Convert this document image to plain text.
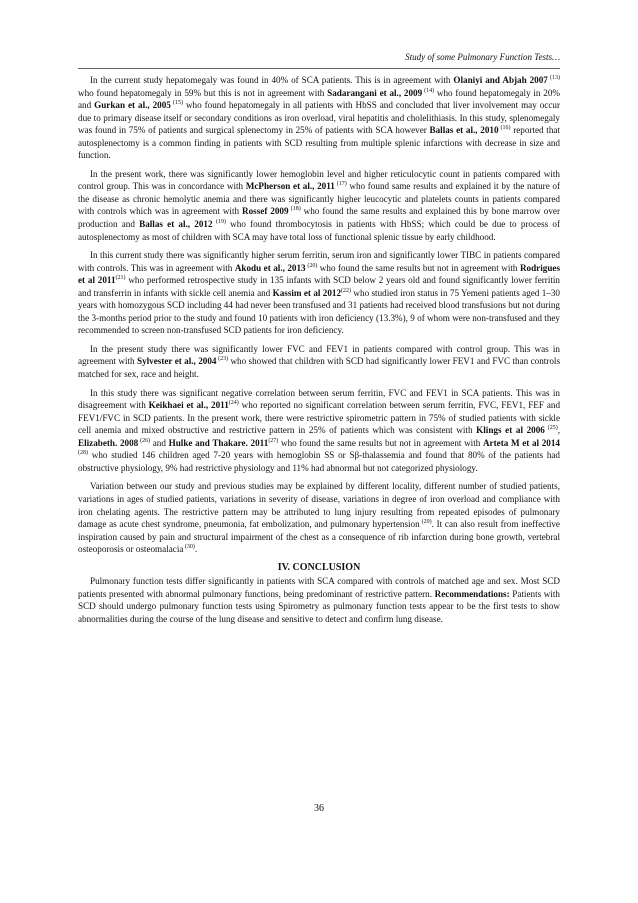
Study of some Pulmonary Function Tests…

In the current study hepatomegaly was found in 40% of SCA patients. This is in agreement with Olaniyi and Abjah 2007 $^{(13)}$ who found hepatomegaly in 59% but this is not in agreement with Sadarangani et al., 2009 $^{(14)}$ who found hepatomegaly in 20% and Gurkan et al., 2005 $^{(15)}$ who found hepatomegaly in all patients with HbSS and concluded that liver involvement may occur due to primary disease itself or secondary conditions as iron overload, viral hepatitis and cholelithiasis. In this study, splenomegaly was found in 75% of patients and surgical splenectomy in 25% of patients with SCA however Ballas et al., 2010 $^{(16)}$ reported that autosplenectomy is a common finding in patients with SCD resulting from multiple splenic infarctions with decrease in size and function.

In the present work, there was significantly lower hemoglobin level and higher reticulocytic count in patients compared with control group. This was in concordance with McPherson et al., 2011 $^{(17)}$ who found same results and explained it by the nature of the disease as chronic hemolytic anemia and there was significantly higher leucocytic and platelets counts in patients compared with controls which was in agreement with Rossef 2009 $^{(18)}$ who found the same results and explained this by bone marrow over production and Ballas et al., 2012 $^{(19)}$ who found thrombocytosis in patients with HbSS; which could be due to process of autosplenectomy as most of children with SCA may have total loss of functional splenic tissue by early childhood.

In this current study there was significantly higher serum ferritin, serum iron and significantly lower TIBC in patients compared with controls. This was in agreement with Akodu et al., 2013 $^{(20)}$ who found the same results but not in agreement with Rodrigues et al 2011$^{(21)}$ who performed retrospective study in 135 infants with SCD below 2 years old and found significantly lower ferritin and transferrin in infants with sickle cell anemia and Kassim et al 2012$^{(22)}$ who studied iron status in 75 Yemeni patients aged 1–30 years with homozygous SCD including 44 had never been transfused and 31 patients had received blood transfusions but not during the 3-months period prior to the study and found 10 patients with iron deficiency (13.3%), 9 of whom were non-transfused and they recommended to screen non-transfused SCD patients for iron deficiency.

In the present study there was significantly lower FVC and FEV1 in patients compared with control group. This was in agreement with Sylvester et al., 2004 $^{(23)}$ who showed that children with SCD had significantly lower FEV1 and FVC than controls matched for sex, race and height.

In this study there was significant negative correlation between serum ferritin, FVC and FEV1 in SCA patients. This was in disagreement with Keikhaei et al., 2011$^{(24)}$ who reported no significant correlation between serum ferritin, FVC, FEV1, FEF and FEV1/FVC in SCD patients. In the present work, there were restrictive spirometric pattern in 75% of studied patients with sickle cell anemia and mixed obstructive and restrictive pattern in 25% of patients which was consistent with Klings et al 2006 $^{(25)}$, Elizabeth. 2008 $^{(26)}$ and Hulke and Thakare. 2011$^{(27)}$ who found the same results but not in agreement with Arteta M et al 2014 $^{(28)}$ who studied 146 children aged 7-20 years with hemoglobin SS or Sβ-thalassemia and found that 80% of the patients had obstructive physiology, 9% had restrictive physiology and 11% had abnormal but not categorized physiology.

Variation between our study and previous studies may be explained by different locality, different number of studied patients, variations in ages of studied patients, variations in severity of disease, variations in degree of iron overload and compliance with iron chelating agents. The restrictive pattern may be attributed to lung injury resulting from repeated episodes of pulmonary damage as acute chest syndrome, pneumonia, fat embolization, and pulmonary hypertension $^{(29)}$. It can also result from ineffective inspiration caused by pain and structural impairment of the chest as a consequence of rib infarction during bone growth, vertebral osteoporosis or osteomalacia $^{(30)}$.

IV. CONCLUSION

Pulmonary function tests differ significantly in patients with SCA compared with controls of matched age and sex. Most SCD patients presented with abnormal pulmonary functions, being predominant of restrictive pattern. Recommendations: Patients with SCD should undergo pulmonary function tests using Spirometry as pulmonary function tests appear to be the first tests to show abnormalities during the course of the lung disease and sensitive to detect and confirm lung disease.

36
